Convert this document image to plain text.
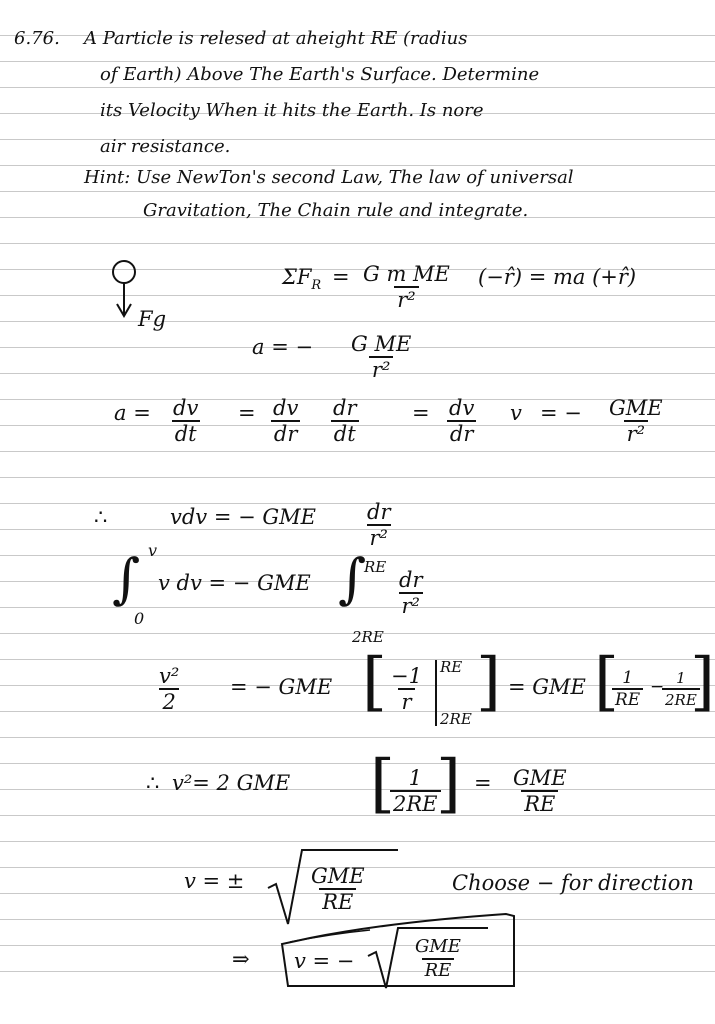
6.76. A Particle is relesed at aheight RE (radius
of Earth) Above The Earth's Surface. Determine
its Velocity When it hits the Earth. Is nore
air resistance.
Hint: Use NewTon's second Law, The law of universal
Gravitation, The Chain rule and integrate.
Fg
$\Sigma F_R = \frac{\text{G m ME}}{\text{r²}}$ (−r̂) = ma (+r̂)
a = − $\frac{\text{G ME}}{\text{r²}}$
$a = \frac{dv}{dt} = \frac{dv}{dr} \frac{dr}{dt}$	= $\frac{dv}{dr}$ v = − GME
r²
∴	vdv = − GME $\frac{dr}{\text{r²}}$
∫ v
0
v dv = − GME ∫
RE
2RE
$\frac{dr}{\text{r²}}$
$\frac{\text{v²}}{2}$ = − GME [ $\frac{-1}{r}$ RE
2RE ] = GME [
$\frac{1}{RE}$ −
$\frac{1}{2RE}$
]
∴ v²= 2 GME [
$\frac{1}{2RE}$
] = GME
RE
v = ±	GME
RE
Choose − for direction
⇒ v = −
GME
RE
